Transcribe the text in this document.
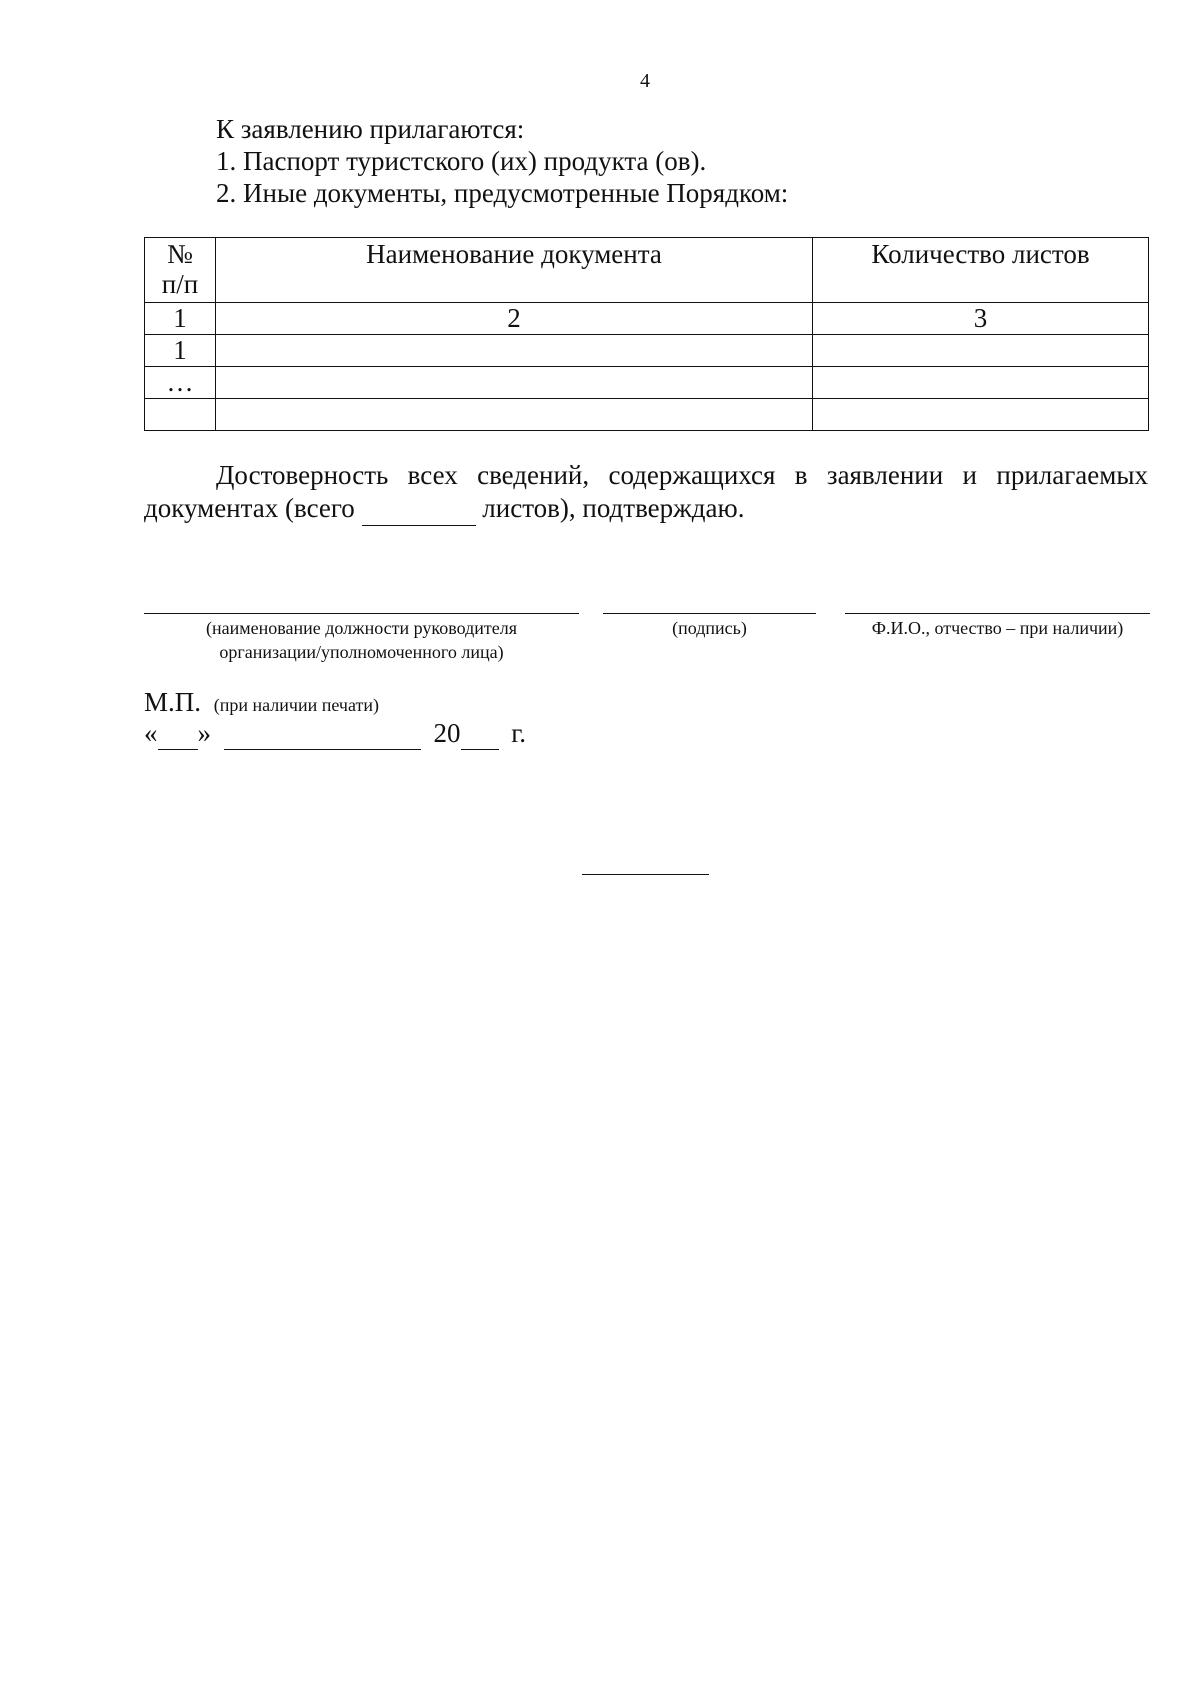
4
К заявлению прилагаются:
1. Паспорт туристского (их) продукта (ов).
2. Иные документы, предусмотренные Порядком:
№
п/п	Наименование документа	Количество листов
1	2	3
1		
…		

Достоверность всех сведений, содержащихся в заявлении и прилагаемых
документах (всего	листов), подтверждаю.
(наименование должности руководителя
организации/уполномоченного лица)
(подпись)	Ф.И.О., отчество – при наличии)
М.П. (при наличии печати)
« »	20 г.
